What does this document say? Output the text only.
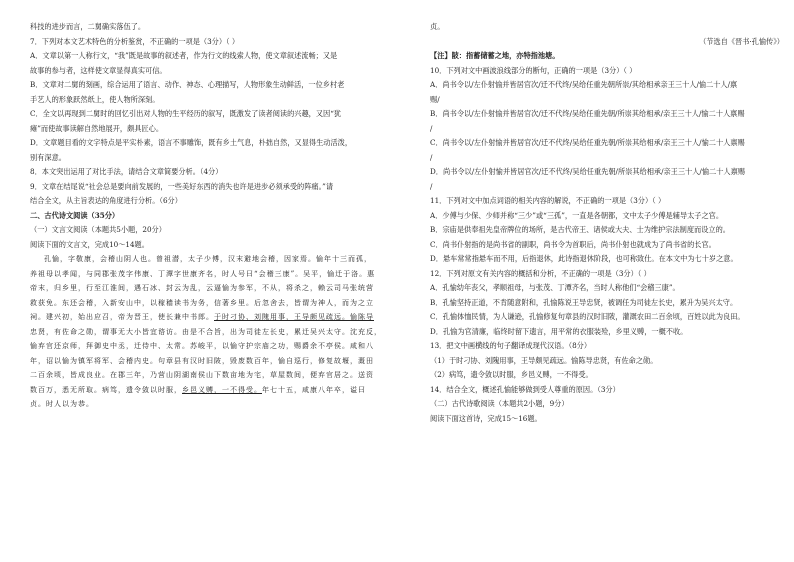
科技的进步而言，二舅确实落伍了。
7．下列对本文艺术特色的分析鉴赏，不正确的一项是（3分）（ ）
A．文章以第一人称行文，“我”既是故事的叙述者，作为行文的线索人物，使文章叙述流畅；又是
故事的参与者，这样使文章显得真实可信。
B．文章对二舅的刻画，综合运用了语言、动作、神态、心理描写，人物形象生动鲜活，一位乡村老
手艺人的形象跃然纸上，使人物所深刻。
C．全文以再现到二舅时的回忆引出对人物的生平经历的叙写，既激发了读者阅读的兴趣，又因“犹
瘫”而使故事读解自然地展开，颇具匠心。
D．文章题目看的文字特点是平实朴素，语言不事雕饰，既有乡土气息，朴拙自然，又显得生动活泼，
别有深意。
8．本文突出运用了对比手法，请结合文章简要分析。（4分）
9．文章在结尾说“社会总是要向前发展的，一些美好东西的消失也许是进步必须承受的阵痛。”请
结合全文，从主旨表达的角度进行分析。（6分）
二、古代诗文阅读（35分）
（一）文言文阅读（本题共5小题，20分）
阅读下面的文言文，完成10～14题。
孔愉，字敬康，会稽山阴人也。曾祖潜，太子少傅，汉末避地会稽，因家焉。愉年十三而孤，
养祖母以孝闻，与同郡张茂字伟康、丁潭字世康齐名，时人号曰“会稽三康”。吴平，愉迁于洛。惠
帝末，归乡里，行至江淮间，遇石冰、封云为乱，云逼愉为参军，不从，将杀之，赖云司马张统营
救获免。东还会稽，入新安山中，以稼穑读书为务，信著乡里。后忽舍去，皆谓为神人，而为之立
祠。建兴初，始出应召，帝为晋王，使长兼中书郎。于时刁协、刘隗用事，王导颇见疏远。愉陈导
忠贤，有佐命之勋，谓事无大小皆宜谘访。由是不合旨，出为司徒左长史，累迁吴兴太守。沈充反，
愉弃官还京师，拜御史中丞，迁侍中、太常。苏峻平，以愉守护宗庙之功，赐爵余不亭侯。咸和八
年，诏以愉为镇军将军、会稽内史。句章县有汉时旧陂，毁废数百年，愉自巡行，修复故堰，溉田
二百余顷，皆成良业。在郡三年，乃营山阴湖南侯山下数亩地为宅，草屋数间，便弃官居之。送资
数百万，悉无所取。病笃，遗令敛以时服，乡邑义赙，一不得受。年七十五，咸康八年卒，谥曰
贞。时人以为恭。
贞。
（节选自《晋书·孔愉传》）
【注】陂：指蓄储蓄之地，亦特指池塘。
10．下列对文中画波浪线部分的断句，正确的一项是（3分）（ ）
A．尚书令以/左仆射愉并皆居官次/迁不代终/吴给任重先朝所崇/其给相承亲王三十人/愉二十人/禀
赐/
B．尚书令以/左仆射愉并皆居官次/迁不代终/吴给任重先朝/所崇其给相承/亲王三十人/愉二十人禀赐
/
C．尚书令以/左仆射愉并皆居官次/迁不代终/吴给任重先朝/所崇其给相承/亲王三十人/愉二十人禀赐
/
D．尚书令以/左仆射愉并皆居官次/迁不代终/吴给任重先朝/所崇其给相承/亲王三十人/愉二十人禀赐
/
11．下列对文中加点词语的相关内容的解说，不正确的一项是（3分）（ ）
A．少傅与少保、少师并称“三少”或“三孤”，一直是各朝都，文中太子少傅是辅导太子之官。
B．宗庙是供奉祖先皇帝牌位的场所，是古代帝王、诸侯或大夫、士为维护宗法制度而设立的。
C．尚书仆射指的是尚书省的副职，尚书令为首职后，尚书仆射也就成为了尚书省的长官。
D．悬车常常指悬车而不用，后指退休，此诗指退休阶段，也可称致仕。在本文中为七十岁之意。
12．下列对原文有关内容的概括和分析，不正确的一项是（3分）（ ）
A．孔愉幼年丧父，孝顺祖母，与张茂、丁潭齐名，当时人称他们“会稽三康”。
B．孔愉坚持正道，不肯随意附和，孔愉陈说王导忠贤，被调任为司徒左长史，累升为吴兴太守。
C．孔愉体恤民情，为人谦逊，孔愉修复句章县的汉时旧陂，灌溉农田二百余顷，百姓以此为良田。
D．孔愉为官清廉，临终时留下遗言，用平常的衣服装殓，乡里义赙，一概不收。
13．把文中画横线的句子翻译成现代汉语。（8分）
（1）于时刁协、刘隗用事，王导颇见疏远。愉陈导忠贤，有佐命之勋。
（2）病笃，遗令敛以时服，乡邑义赙，一不得受。
14．结合全文，概述孔愉能够做到受人尊重的原因。（3分）
（二）古代诗歌阅读（本题共2小题，9分）
阅读下面这首诗，完成15～16题。
